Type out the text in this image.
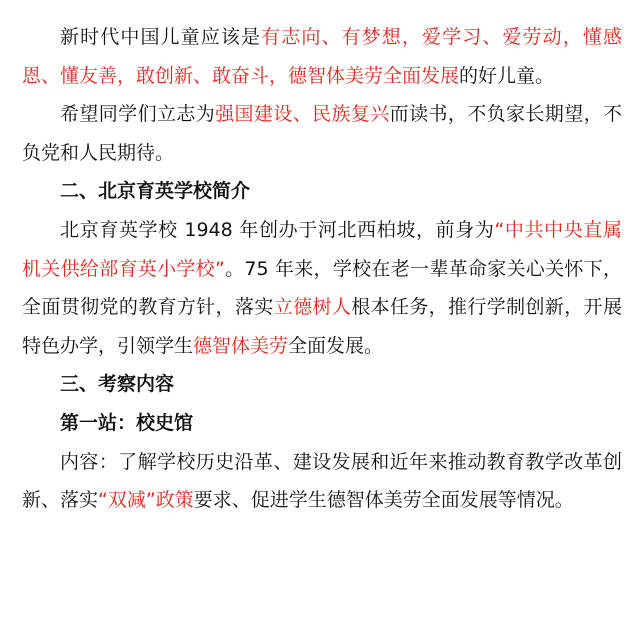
新时代中国儿童应该是有志向、有梦想，爱学习、爱劳动，懂感恩、懂友善，敢创新、敢奋斗，德智体美劳全面发展的好儿童。

希望同学们立志为强国建设、民族复兴而读书，不负家长期望，不负党和人民期待。

二、北京育英学校简介

北京育英学校 1948 年创办于河北西柏坡，前身为“中共中央直属机关供给部育英小学校”。75 年来，学校在老一辈革命家关心关怀下，全面贯彻党的教育方针，落实立德树人根本任务，推行学制创新，开展特色办学，引领学生德智体美劳全面发展。

三、考察内容

第一站：校史馆

内容：了解学校历史沿革、建设发展和近年来推动教育教学改革创新、落实“双减”政策要求、促进学生德智体美劳全面发展等情况。
